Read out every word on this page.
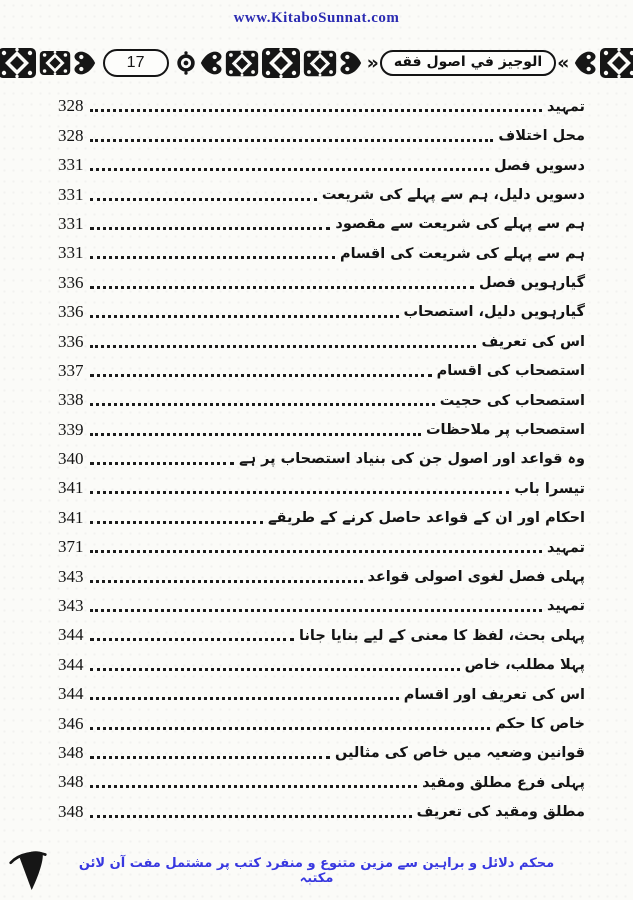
www.KitaboSunnat.com
17	»	الوجيز في اصول فقه «
328	تمہید
328	محل اختلاف
331	دسویں فصل
331	دسویں دلیل، ہم سے پہلے کی شریعت
331	ہم سے پہلے کی شریعت سے مقصود
331	ہم سے پہلے کی شریعت کی اقسام
336	گیارہویں فصل
336	گیارہویں دلیل، استصحاب
336	اس کی تعریف
337	استصحاب کی اقسام
338	استصحاب کی حجیت
339	استصحاب پر ملاحظات
340	وہ قواعد اور اصول جن کی بنیاد استصحاب پر ہے
341	تیسرا باب
341	احکام اور ان کے قواعد حاصل کرنے کے طریقے
371	تمہید
343	پہلی فصل لغوی اصولی قواعد
343	تمہید
344	پہلی بحث، لفظ کا معنی کے لیے بنایا جانا
344	پہلا مطلب، خاص
344	اس کی تعریف اور اقسام
346	خاص کا حکم
348	قوانین وضعیہ میں خاص کی مثالیں
348	پہلی فرع مطلق ومقید
348	مطلق ومقید کی تعریف
محکم دلائل و براہین سے مزین متنوع و منفرد کتب پر مشتمل مفت آن لائن مکتبہ
